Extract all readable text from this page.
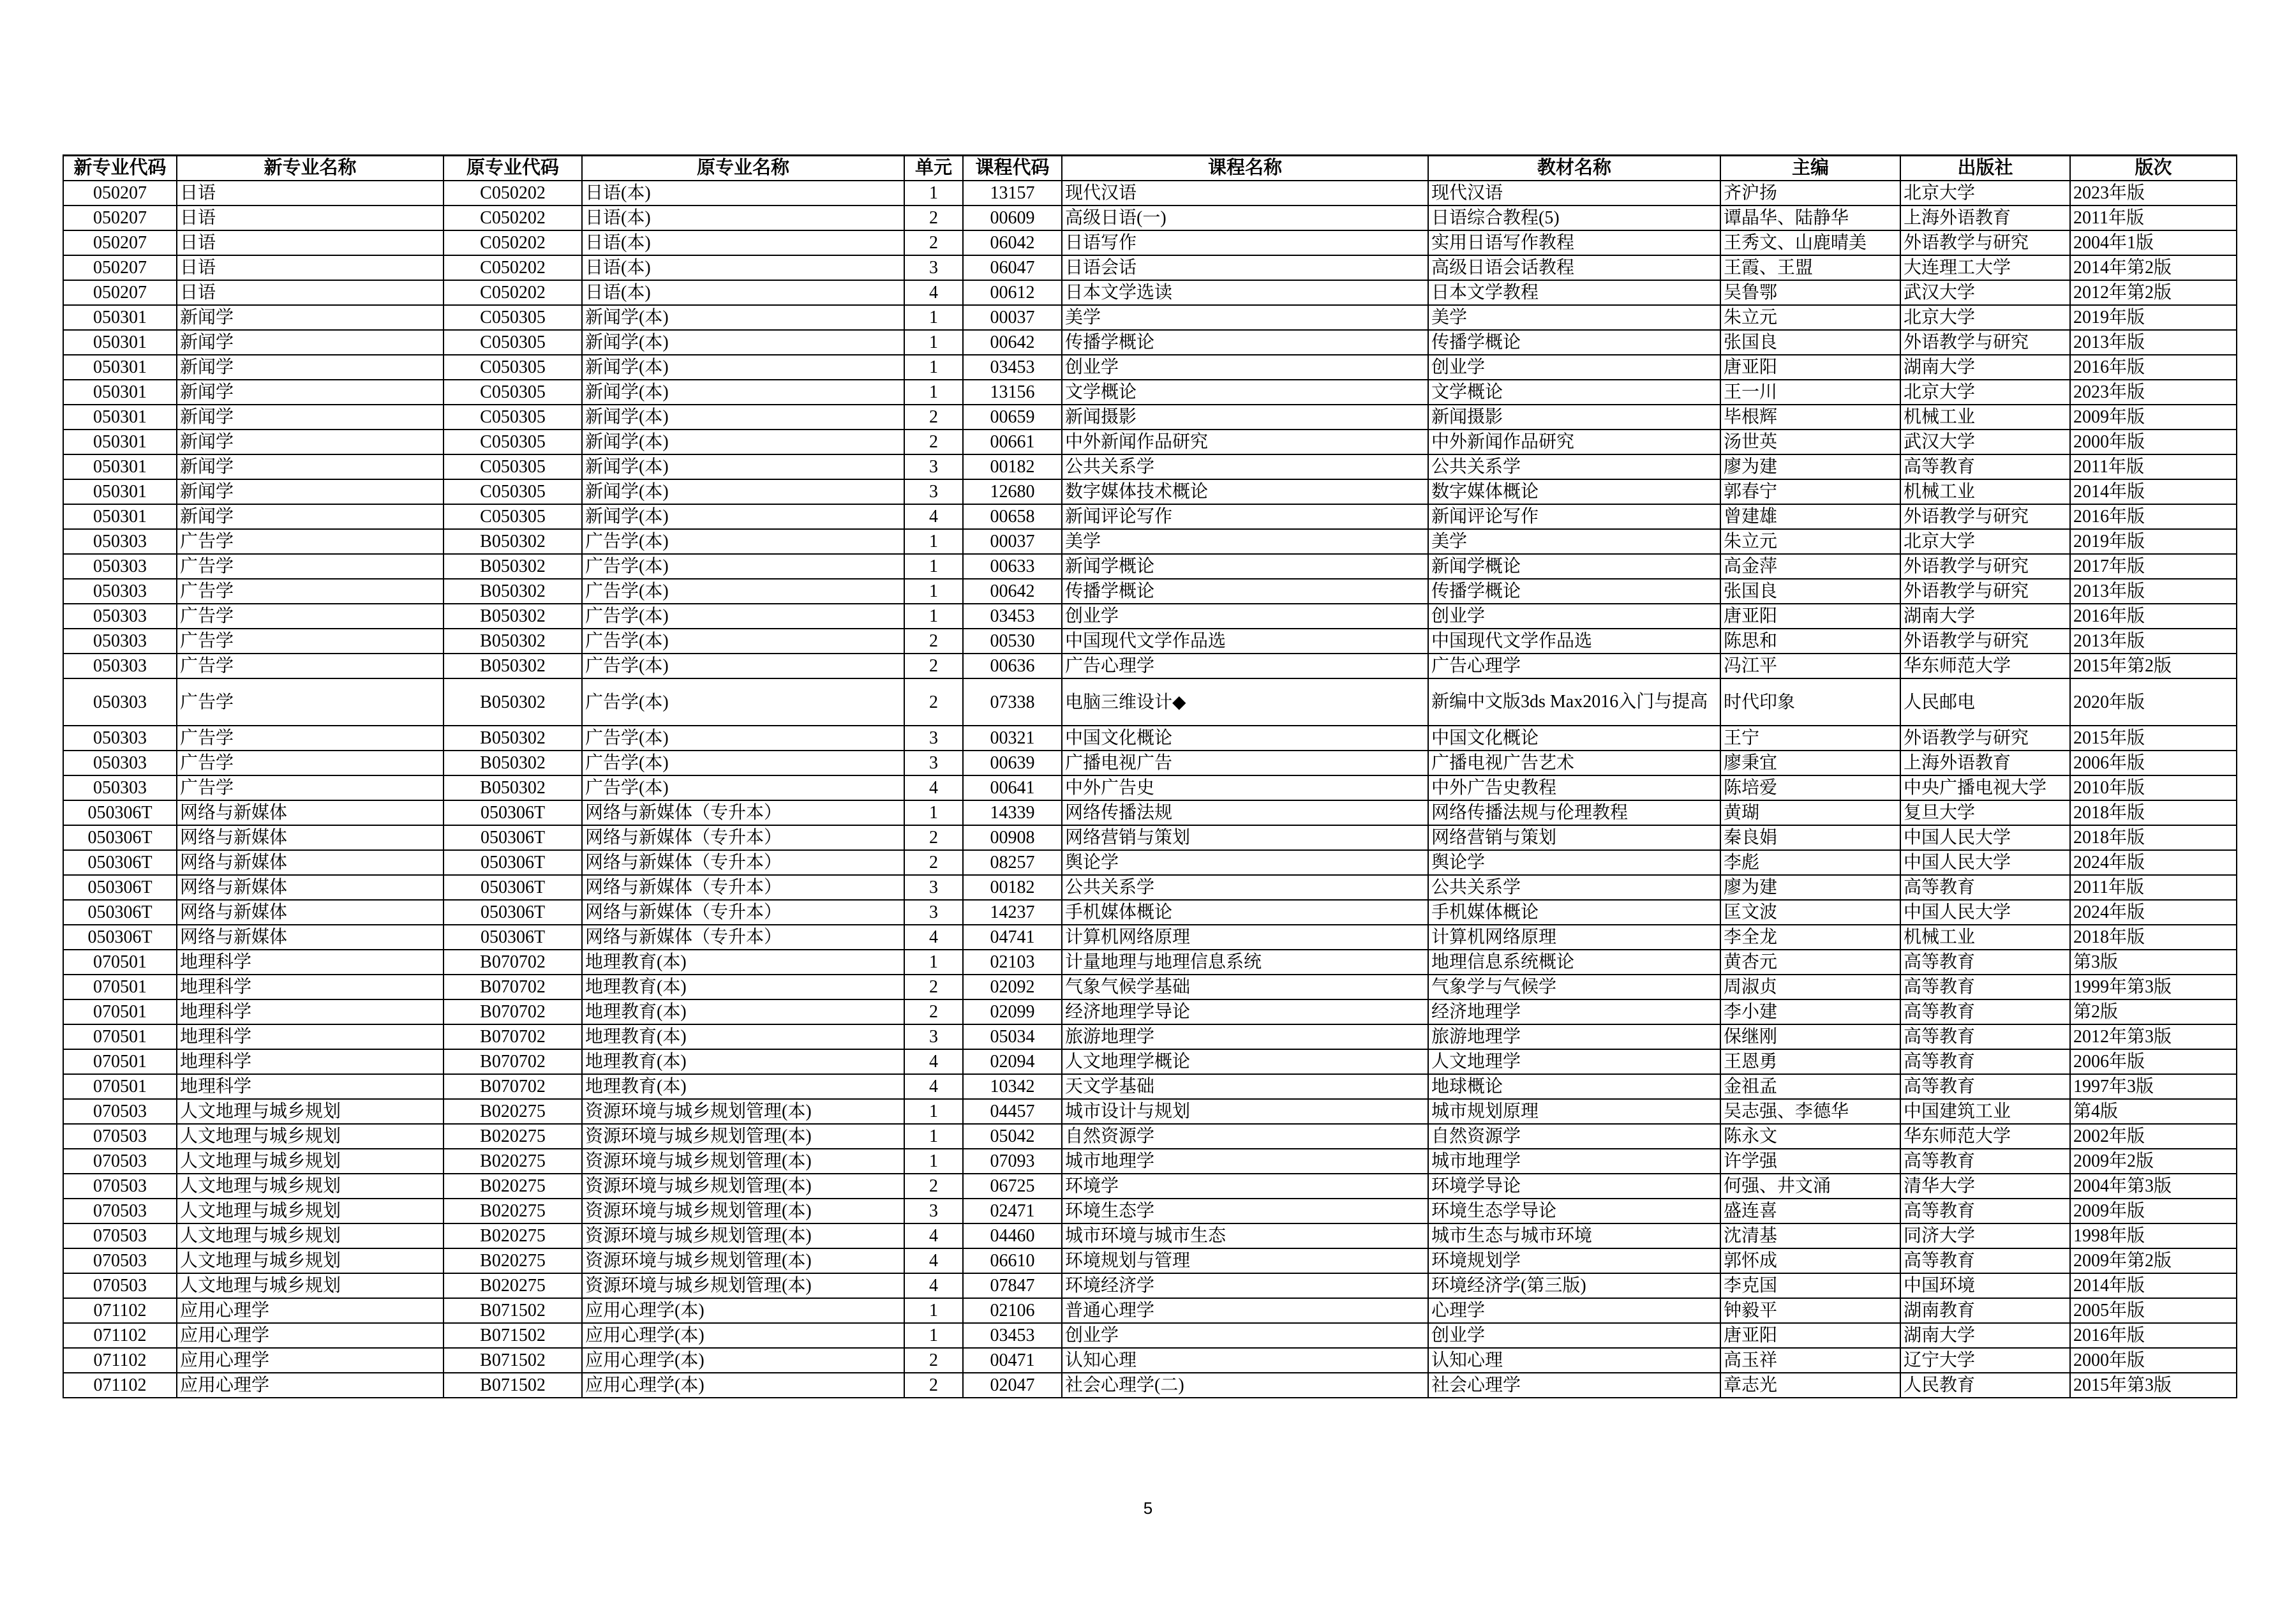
新专业代码	新专业名称	原专业代码	原专业名称	单元	课程代码	课程名称	教材名称	主编	出版社	版次
050207	日语	C050202	日语(本)	1	13157	现代汉语	现代汉语	齐沪扬	北京大学	2023年版
050207	日语	C050202	日语(本)	2	00609	高级日语(一)	日语综合教程(5)	谭晶华、陆静华	上海外语教育	2011年版
050207	日语	C050202	日语(本)	2	06042	日语写作	实用日语写作教程	王秀文、山鹿晴美	外语教学与研究	2004年1版
050207	日语	C050202	日语(本)	3	06047	日语会话	高级日语会话教程	王霞、王盟	大连理工大学	2014年第2版
050207	日语	C050202	日语(本)	4	00612	日本文学选读	日本文学教程	吴鲁鄂	武汉大学	2012年第2版
050301	新闻学	C050305	新闻学(本)	1	00037	美学	美学	朱立元	北京大学	2019年版
050301	新闻学	C050305	新闻学(本)	1	00642	传播学概论	传播学概论	张国良	外语教学与研究	2013年版
050301	新闻学	C050305	新闻学(本)	1	03453	创业学	创业学	唐亚阳	湖南大学	2016年版
050301	新闻学	C050305	新闻学(本)	1	13156	文学概论	文学概论	王一川	北京大学	2023年版
050301	新闻学	C050305	新闻学(本)	2	00659	新闻摄影	新闻摄影	毕根辉	机械工业	2009年版
050301	新闻学	C050305	新闻学(本)	2	00661	中外新闻作品研究	中外新闻作品研究	汤世英	武汉大学	2000年版
050301	新闻学	C050305	新闻学(本)	3	00182	公共关系学	公共关系学	廖为建	高等教育	2011年版
050301	新闻学	C050305	新闻学(本)	3	12680	数字媒体技术概论	数字媒体概论	郭春宁	机械工业	2014年版
050301	新闻学	C050305	新闻学(本)	4	00658	新闻评论写作	新闻评论写作	曾建雄	外语教学与研究	2016年版
050303	广告学	B050302	广告学(本)	1	00037	美学	美学	朱立元	北京大学	2019年版
050303	广告学	B050302	广告学(本)	1	00633	新闻学概论	新闻学概论	高金萍	外语教学与研究	2017年版
050303	广告学	B050302	广告学(本)	1	00642	传播学概论	传播学概论	张国良	外语教学与研究	2013年版
050303	广告学	B050302	广告学(本)	1	03453	创业学	创业学	唐亚阳	湖南大学	2016年版
050303	广告学	B050302	广告学(本)	2	00530	中国现代文学作品选	中国现代文学作品选	陈思和	外语教学与研究	2013年版
050303	广告学	B050302	广告学(本)	2	00636	广告心理学	广告心理学	冯江平	华东师范大学	2015年第2版
050303	广告学	B050302	广告学(本)	2	07338	电脑三维设计◆	新编中文版3ds Max2016入门与提高	时代印象	人民邮电	2020年版
050303	广告学	B050302	广告学(本)	3	00321	中国文化概论	中国文化概论	王宁	外语教学与研究	2015年版
050303	广告学	B050302	广告学(本)	3	00639	广播电视广告	广播电视广告艺术	廖秉宜	上海外语教育	2006年版
050303	广告学	B050302	广告学(本)	4	00641	中外广告史	中外广告史教程	陈培爱	中央广播电视大学	2010年版
050306T	网络与新媒体	050306T	网络与新媒体（专升本）	1	14339	网络传播法规	网络传播法规与伦理教程	黄瑚	复旦大学	2018年版
050306T	网络与新媒体	050306T	网络与新媒体（专升本）	2	00908	网络营销与策划	网络营销与策划	秦良娟	中国人民大学	2018年版
050306T	网络与新媒体	050306T	网络与新媒体（专升本）	2	08257	舆论学	舆论学	李彪	中国人民大学	2024年版
050306T	网络与新媒体	050306T	网络与新媒体（专升本）	3	00182	公共关系学	公共关系学	廖为建	高等教育	2011年版
050306T	网络与新媒体	050306T	网络与新媒体（专升本）	3	14237	手机媒体概论	手机媒体概论	匡文波	中国人民大学	2024年版
050306T	网络与新媒体	050306T	网络与新媒体（专升本）	4	04741	计算机网络原理	计算机网络原理	李全龙	机械工业	2018年版
070501	地理科学	B070702	地理教育(本)	1	02103	计量地理与地理信息系统	地理信息系统概论	黄杏元	高等教育	第3版
070501	地理科学	B070702	地理教育(本)	2	02092	气象气候学基础	气象学与气候学	周淑贞	高等教育	1999年第3版
070501	地理科学	B070702	地理教育(本)	2	02099	经济地理学导论	经济地理学	李小建	高等教育	第2版
070501	地理科学	B070702	地理教育(本)	3	05034	旅游地理学	旅游地理学	保继刚	高等教育	2012年第3版
070501	地理科学	B070702	地理教育(本)	4	02094	人文地理学概论	人文地理学	王恩勇	高等教育	2006年版
070501	地理科学	B070702	地理教育(本)	4	10342	天文学基础	地球概论	金祖孟	高等教育	1997年3版
070503	人文地理与城乡规划	B020275	资源环境与城乡规划管理(本)	1	04457	城市设计与规划	城市规划原理	吴志强、李德华	中国建筑工业	第4版
070503	人文地理与城乡规划	B020275	资源环境与城乡规划管理(本)	1	05042	自然资源学	自然资源学	陈永文	华东师范大学	2002年版
070503	人文地理与城乡规划	B020275	资源环境与城乡规划管理(本)	1	07093	城市地理学	城市地理学	许学强	高等教育	2009年2版
070503	人文地理与城乡规划	B020275	资源环境与城乡规划管理(本)	2	06725	环境学	环境学导论	何强、井文涌	清华大学	2004年第3版
070503	人文地理与城乡规划	B020275	资源环境与城乡规划管理(本)	3	02471	环境生态学	环境生态学导论	盛连喜	高等教育	2009年版
070503	人文地理与城乡规划	B020275	资源环境与城乡规划管理(本)	4	04460	城市环境与城市生态	城市生态与城市环境	沈清基	同济大学	1998年版
070503	人文地理与城乡规划	B020275	资源环境与城乡规划管理(本)	4	06610	环境规划与管理	环境规划学	郭怀成	高等教育	2009年第2版
070503	人文地理与城乡规划	B020275	资源环境与城乡规划管理(本)	4	07847	环境经济学	环境经济学(第三版)	李克国	中国环境	2014年版
071102	应用心理学	B071502	应用心理学(本)	1	02106	普通心理学	心理学	钟毅平	湖南教育	2005年版
071102	应用心理学	B071502	应用心理学(本)	1	03453	创业学	创业学	唐亚阳	湖南大学	2016年版
071102	应用心理学	B071502	应用心理学(本)	2	00471	认知心理	认知心理	高玉祥	辽宁大学	2000年版
071102	应用心理学	B071502	应用心理学(本)	2	02047	社会心理学(二)	社会心理学	章志光	人民教育	2015年第3版
5
